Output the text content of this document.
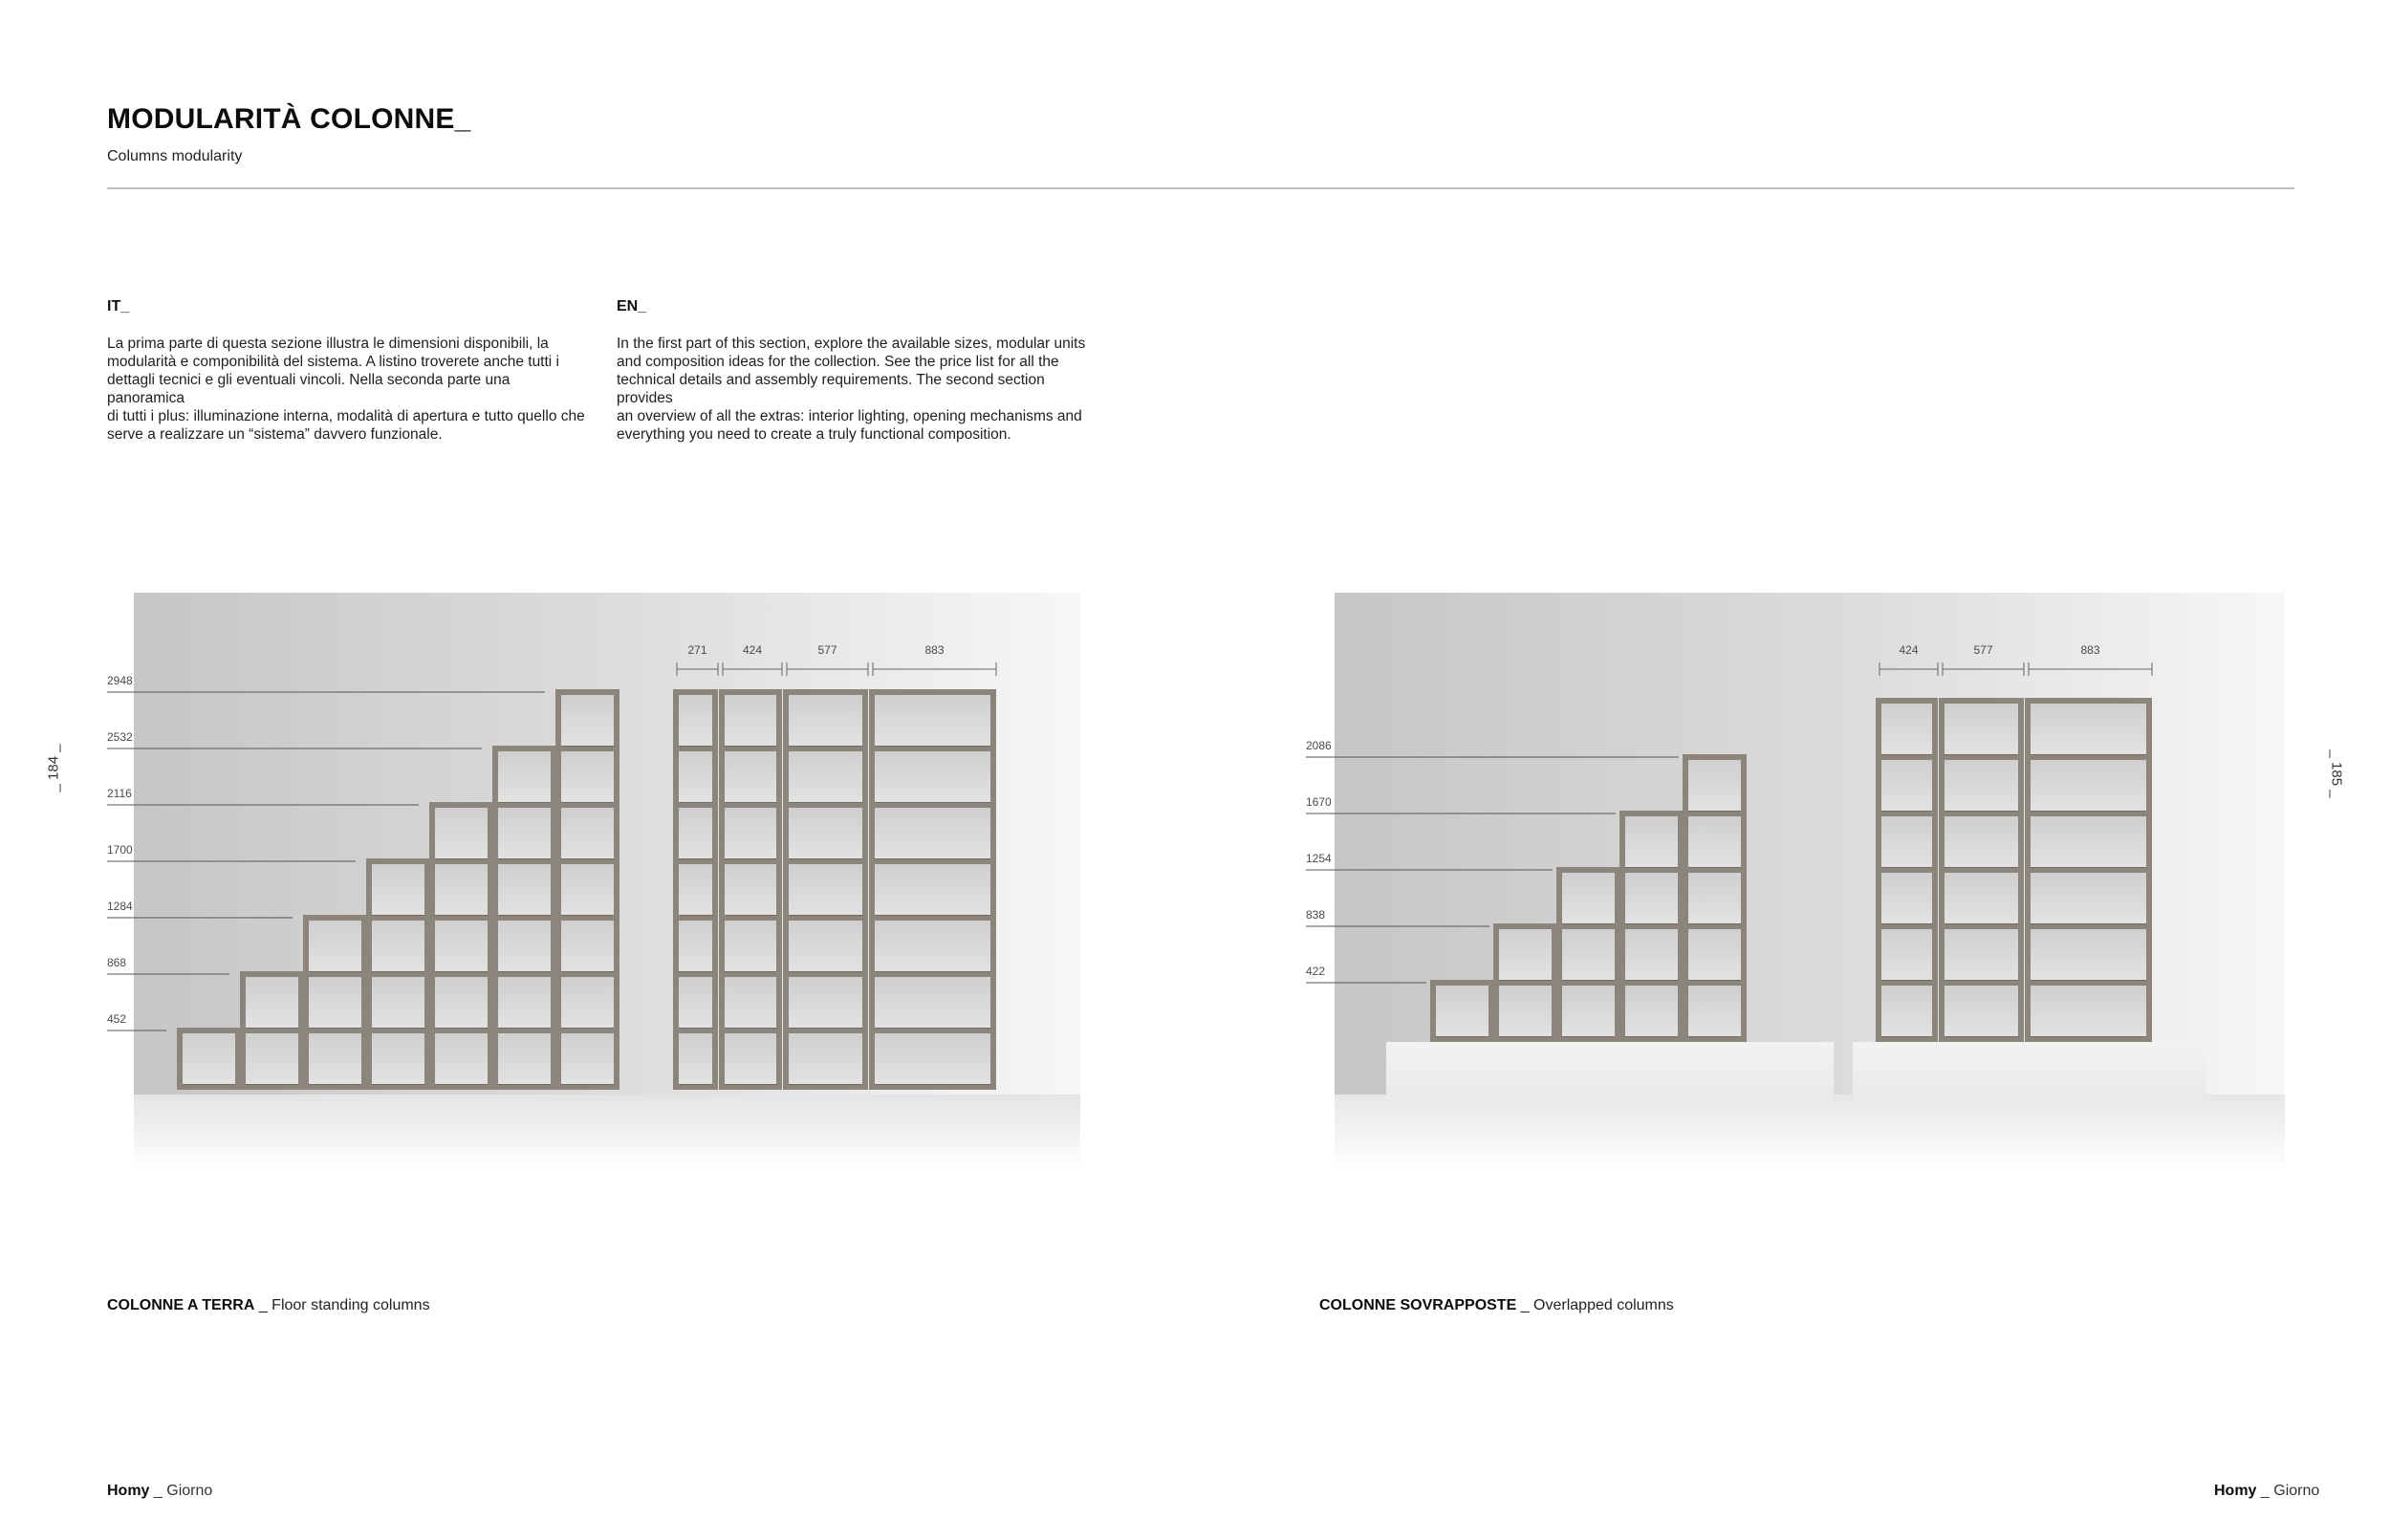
MODULARITÀ COLONNE_
Columns modularity
IT_
La prima parte di questa sezione illustra le dimensioni disponibili, la
modularità e componibilità del sistema. A listino troverete anche tutti i
dettagli tecnici e gli eventuali vincoli. Nella seconda parte una panoramica
di tutti i plus: illuminazione interna, modalità di apertura e tutto quello che
serve a realizzare un “sistema” davvero funzionale.
EN_
In the first part of this section, explore the available sizes, modular units
and composition ideas for the collection. See the price list for all the
technical details and assembly requirements. The second section provides
an overview of all the extras: interior lighting, opening mechanisms and
everything you need to create a truly functional composition.
_ 184 _	_ 185 _
2948
2532
2116
1700
1284
868
452
271	424	577	883
2086
1670
1254
838
422
424	577	883
COLONNE A TERRA _ Floor standing columns	COLONNE SOVRAPPOSTE _ Overlapped columns
Homy _ Giorno	Homy _ Giorno
